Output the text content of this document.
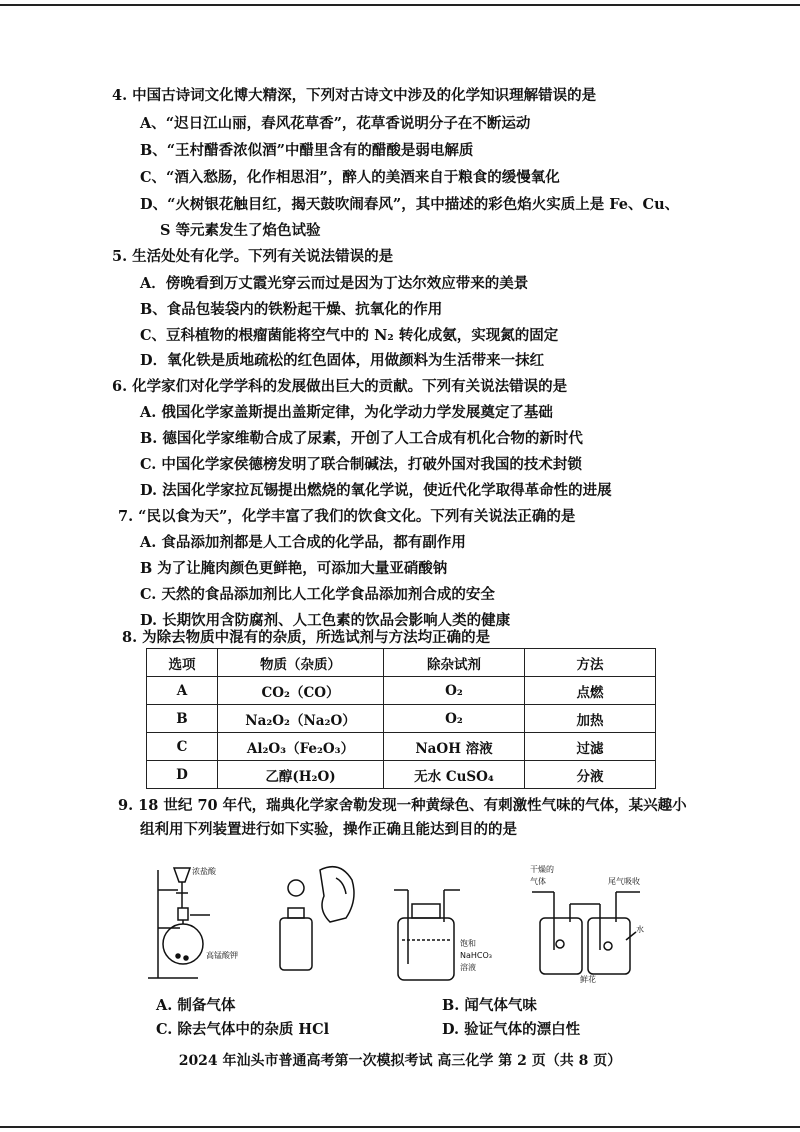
4. 中国古诗词文化博大精深，下列对古诗文中涉及的化学知识理解错误的是
A、“迟日江山丽，春风花草香”，花草香说明分子在不断运动
B、“王村醋香浓似酒”中醋里含有的醋酸是弱电解质
C、“酒入愁肠，化作相思泪”，醉人的美酒来自于粮食的缓慢氧化
D、“火树银花触目红，揭天鼓吹闹春风”，其中描述的彩色焰火实质上是 Fe、Cu、
S 等元素发生了焰色试验
5. 生活处处有化学。下列有关说法错误的是
A．傍晚看到万丈霞光穿云而过是因为丁达尔效应带来的美景
B、食品包装袋内的铁粉起干燥、抗氧化的作用
C、豆科植物的根瘤菌能将空气中的 N₂ 转化成氨，实现氮的固定
D．氧化铁是质地疏松的红色固体，用做颜料为生活带来一抹红
6. 化学家们对化学学科的发展做出巨大的贡献。下列有关说法错误的是
A. 俄国化学家盖斯提出盖斯定律，为化学动力学发展奠定了基础
B. 德国化学家维勒合成了尿素，开创了人工合成有机化合物的新时代
C. 中国化学家侯德榜发明了联合制碱法，打破外国对我国的技术封锁
D. 法国化学家拉瓦锡提出燃烧的氧化学说，使近代化学取得革命性的进展
7. “民以食为天”，化学丰富了我们的饮食文化。下列有关说法正确的是
A. 食品添加剂都是人工合成的化学品，都有副作用
B 为了让腌肉颜色更鲜艳，可添加大量亚硝酸钠
C. 天然的食品添加剂比人工化学食品添加剂合成的安全
D. 长期饮用含防腐剂、人工色素的饮品会影响人类的健康
8. 为除去物质中混有的杂质，所选试剂与方法均正确的是
选项	物质（杂质）	除杂试剂	方法
A	CO₂（CO）	O₂	点燃
B	Na₂O₂（Na₂O）	O₂	加热
C	Al₂O₃（Fe₂O₃）	NaOH 溶液	过滤
D	乙醇(H₂O)	无水 CuSO₄	分液
9. 18 世纪 70 年代，瑞典化学家舍勒发现一种黄绿色、有刺激性气味的气体，某兴趣小
组利用下列装置进行如下实验，操作正确且能达到目的的是
浓盐酸
高锰酸钾
饱和
NaHCO₃
溶液
干燥的
气体	尾气吸收
水
鲜花
A. 制备气体	B. 闻气体气味
C. 除去气体中的杂质 HCl	D. 验证气体的漂白性
2024 年汕头市普通高考第一次模拟考试 高三化学 第 2 页（共 8 页）
